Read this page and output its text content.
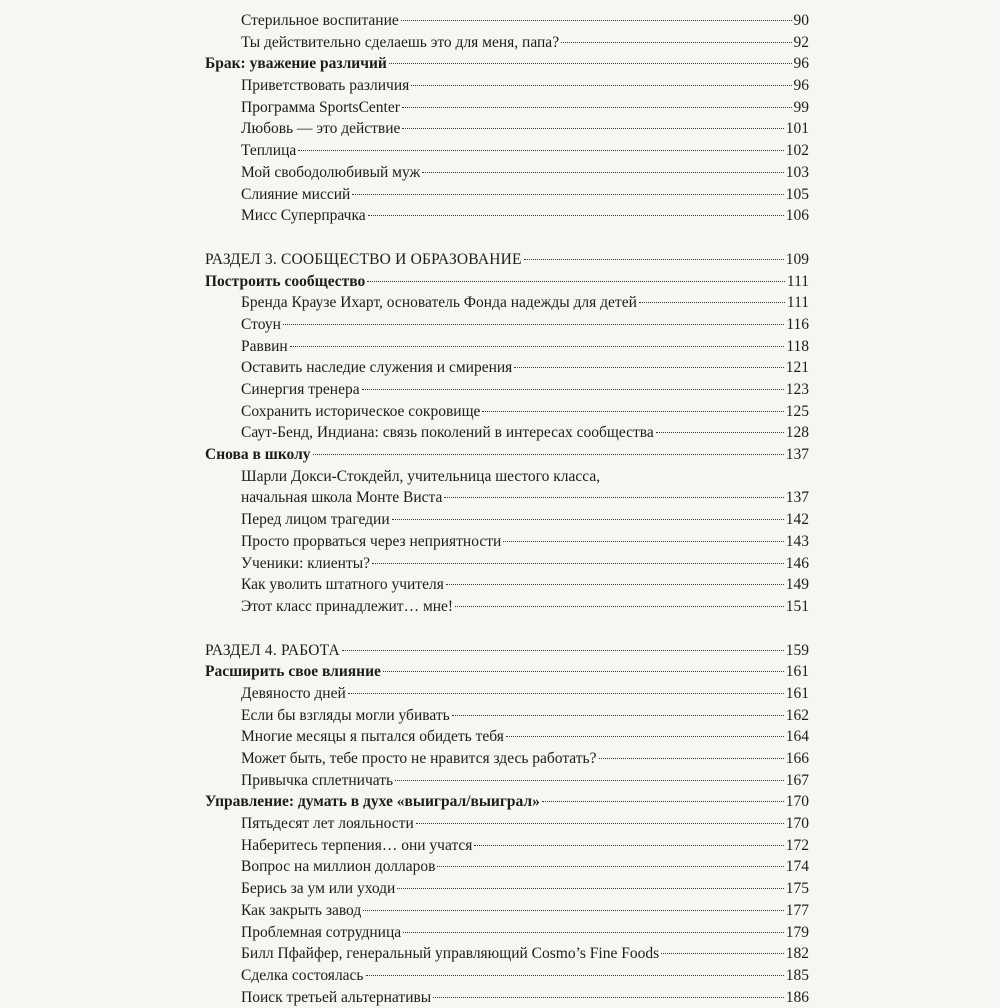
Стерильное воспитание	90
Ты действительно сделаешь это для меня, папа?	92
Брак: уважение различий	96
Приветствовать различия	96
Программа SportsCenter	99
Любовь — это действие	101
Теплица	102
Мой свободолюбивый муж	103
Слияние миссий	105
Мисс Суперпрачка	106
РАЗДЕЛ 3. СООБЩЕСТВО И ОБРАЗОВАНИЕ	109
Построить сообщество	111
Бренда Краузе Ихарт, основатель Фонда надежды для детей	111
Стоун	116
Раввин	118
Оставить наследие служения и смирения	121
Синергия тренера	123
Сохранить историческое сокровище	125
Саут-Бенд, Индиана: связь поколений в интересах сообщества	128
Снова в школу	137
Шарли Докси-Стокдейл, учительница шестого класса,
начальная школа Монте Виста	137
Перед лицом трагедии	142
Просто прорваться через неприятности	143
Ученики: клиенты?	146
Как уволить штатного учителя	149
Этот класс принадлежит… мне!	151
РАЗДЕЛ 4. РАБОТА	159
Расширить свое влияние	161
Девяносто дней	161
Если бы взгляды могли убивать	162
Многие месяцы я пытался обидеть тебя	164
Может быть, тебе просто не нравится здесь работать?	166
Привычка сплетничать	167
Управление: думать в духе «выиграл/выиграл»	170
Пятьдесят лет лояльности	170
Наберитесь терпения… они учатся	172
Вопрос на миллион долларов	174
Берись за ум или уходи	175
Как закрыть завод	177
Проблемная сотрудница	179
Билл Пфайфер, генеральный управляющий Cosmo’s Fine Foods	182
Сделка состоялась	185
Поиск третьей альтернативы	186
